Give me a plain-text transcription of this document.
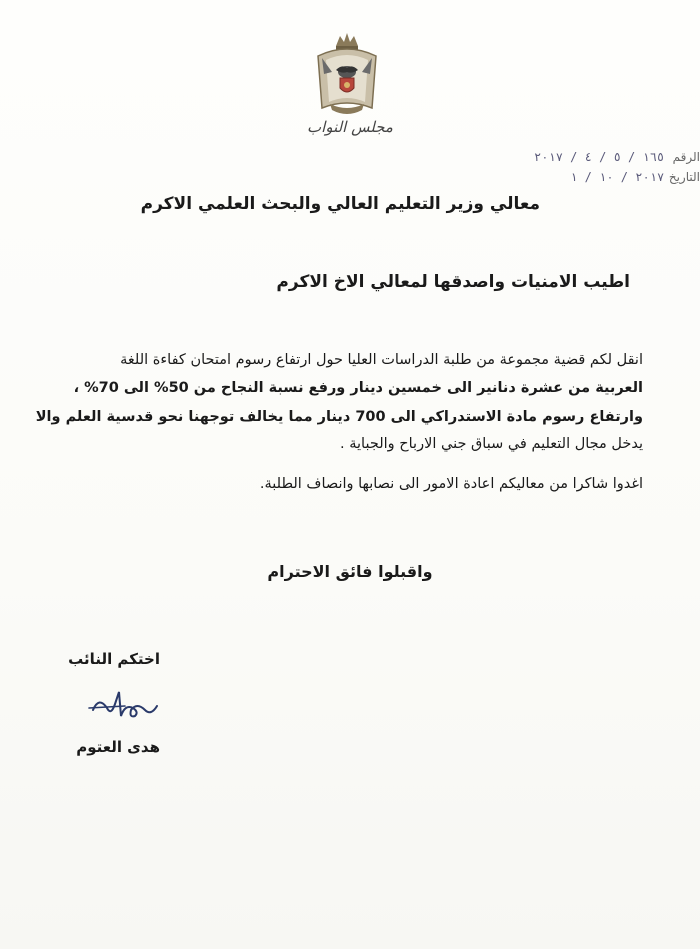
مجلس النواب
الرقم ١٦٥ / ٥ / ٤ / ٢٠١٧
التاريخ ٢٠١٧ / ١٠ / ١
معالي وزير التعليم العالي والبحث العلمي الاكرم
اطيب الامنيات واصدقها لمعالي الاخ الاكرم
انقل لكم قضية مجموعة من طلبة الدراسات العليا حول ارتفاع رسوم امتحان كفاءة اللغة
العربية من عشرة دنانير الى خمسين دينار ورفع نسبة النجاح من 50% الى 70% ،
وارتفاع رسوم مادة الاستدراكي الى 700 دينار مما يخالف توجهنا نحو قدسية العلم والا
يدخل مجال التعليم في سباق جني الارباح والجباية .
اغدوا شاكرا من معاليكم اعادة الامور الى نصابها وانصاف الطلبة.
واقبلوا فائق الاحترام
اختكم النائب
هدى العتوم
